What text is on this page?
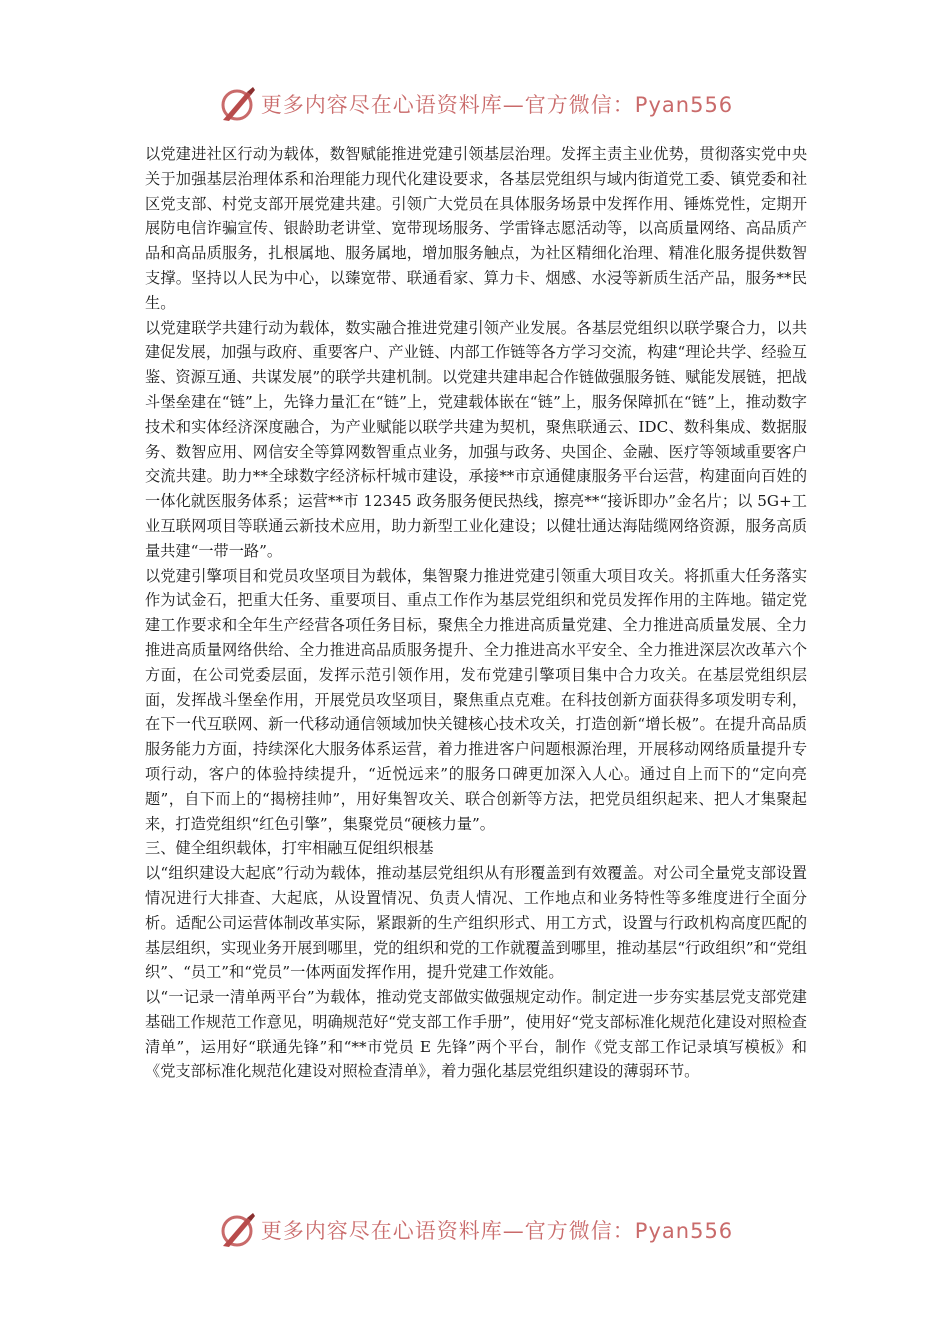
更多内容尽在心语资料库—官方微信：Pyan556

以党建进社区行动为载体，数智赋能推进党建引领基层治理。发挥主责主业优势，贯彻落实党中央关于加强基层治理体系和治理能力现代化建设要求，各基层党组织与域内街道党工委、镇党委和社区党支部、村党支部开展党建共建。引领广大党员在具体服务场景中发挥作用、锤炼党性，定期开展防电信诈骗宣传、银龄助老讲堂、宽带现场服务、学雷锋志愿活动等，以高质量网络、高品质产品和高品质服务，扎根属地、服务属地，增加服务触点，为社区精细化治理、精准化服务提供数智支撑。坚持以人民为中心，以臻宽带、联通看家、算力卡、烟感、水浸等新质生活产品，服务**民生。

以党建联学共建行动为载体，数实融合推进党建引领产业发展。各基层党组织以联学聚合力，以共建促发展，加强与政府、重要客户、产业链、内部工作链等各方学习交流，构建“理论共学、经验互鉴、资源互通、共谋发展”的联学共建机制。以党建共建串起合作链做强服务链、赋能发展链，把战斗堡垒建在“链”上，先锋力量汇在“链”上，党建载体嵌在“链”上，服务保障抓在“链”上，推动数字技术和实体经济深度融合，为产业赋能以联学共建为契机，聚焦联通云、IDC、数科集成、数据服务、数智应用、网信安全等算网数智重点业务，加强与政务、央国企、金融、医疗等领域重要客户交流共建。助力**全球数字经济标杆城市建设，承接**市京通健康服务平台运营，构建面向百姓的一体化就医服务体系；运营**市 12345 政务服务便民热线，擦亮**“接诉即办”金名片；以 5G+工业互联网项目等联通云新技术应用，助力新型工业化建设；以健壮通达海陆缆网络资源，服务高质量共建“一带一路”。

以党建引擎项目和党员攻坚项目为载体，集智聚力推进党建引领重大项目攻关。将抓重大任务落实作为试金石，把重大任务、重要项目、重点工作作为基层党组织和党员发挥作用的主阵地。锚定党建工作要求和全年生产经营各项任务目标，聚焦全力推进高质量党建、全力推进高质量发展、全力推进高质量网络供给、全力推进高品质服务提升、全力推进高水平安全、全力推进深层次改革六个方面，在公司党委层面，发挥示范引领作用，发布党建引擎项目集中合力攻关。在基层党组织层面，发挥战斗堡垒作用，开展党员攻坚项目，聚焦重点克难。在科技创新方面获得多项发明专利，在下一代互联网、新一代移动通信领域加快关键核心技术攻关，打造创新“增长极”。在提升高品质服务能力方面，持续深化大服务体系运营，着力推进客户问题根源治理，开展移动网络质量提升专项行动，客户的体验持续提升，“近悦远来”的服务口碑更加深入人心。通过自上而下的“定向亮题”，自下而上的“揭榜挂帅”，用好集智攻关、联合创新等方法，把党员组织起来、把人才集聚起来，打造党组织“红色引擎”，集聚党员“硬核力量”。

三、健全组织载体，打牢相融互促组织根基

以“组织建设大起底”行动为载体，推动基层党组织从有形覆盖到有效覆盖。对公司全量党支部设置情况进行大排查、大起底，从设置情况、负责人情况、工作地点和业务特性等多维度进行全面分析。适配公司运营体制改革实际，紧跟新的生产组织形式、用工方式，设置与行政机构高度匹配的基层组织，实现业务开展到哪里，党的组织和党的工作就覆盖到哪里，推动基层“行政组织”和“党组织”、“员工”和“党员”一体两面发挥作用，提升党建工作效能。

以“一记录一清单两平台”为载体，推动党支部做实做强规定动作。制定进一步夯实基层党支部党建基础工作规范工作意见，明确规范好“党支部工作手册”，使用好“党支部标准化规范化建设对照检查清单”，运用好“联通先锋”和“**市党员 E 先锋”两个平台，制作《党支部工作记录填写模板》和《党支部标准化规范化建设对照检查清单》，着力强化基层党组织建设的薄弱环节。

更多内容尽在心语资料库—官方微信：Pyan556
